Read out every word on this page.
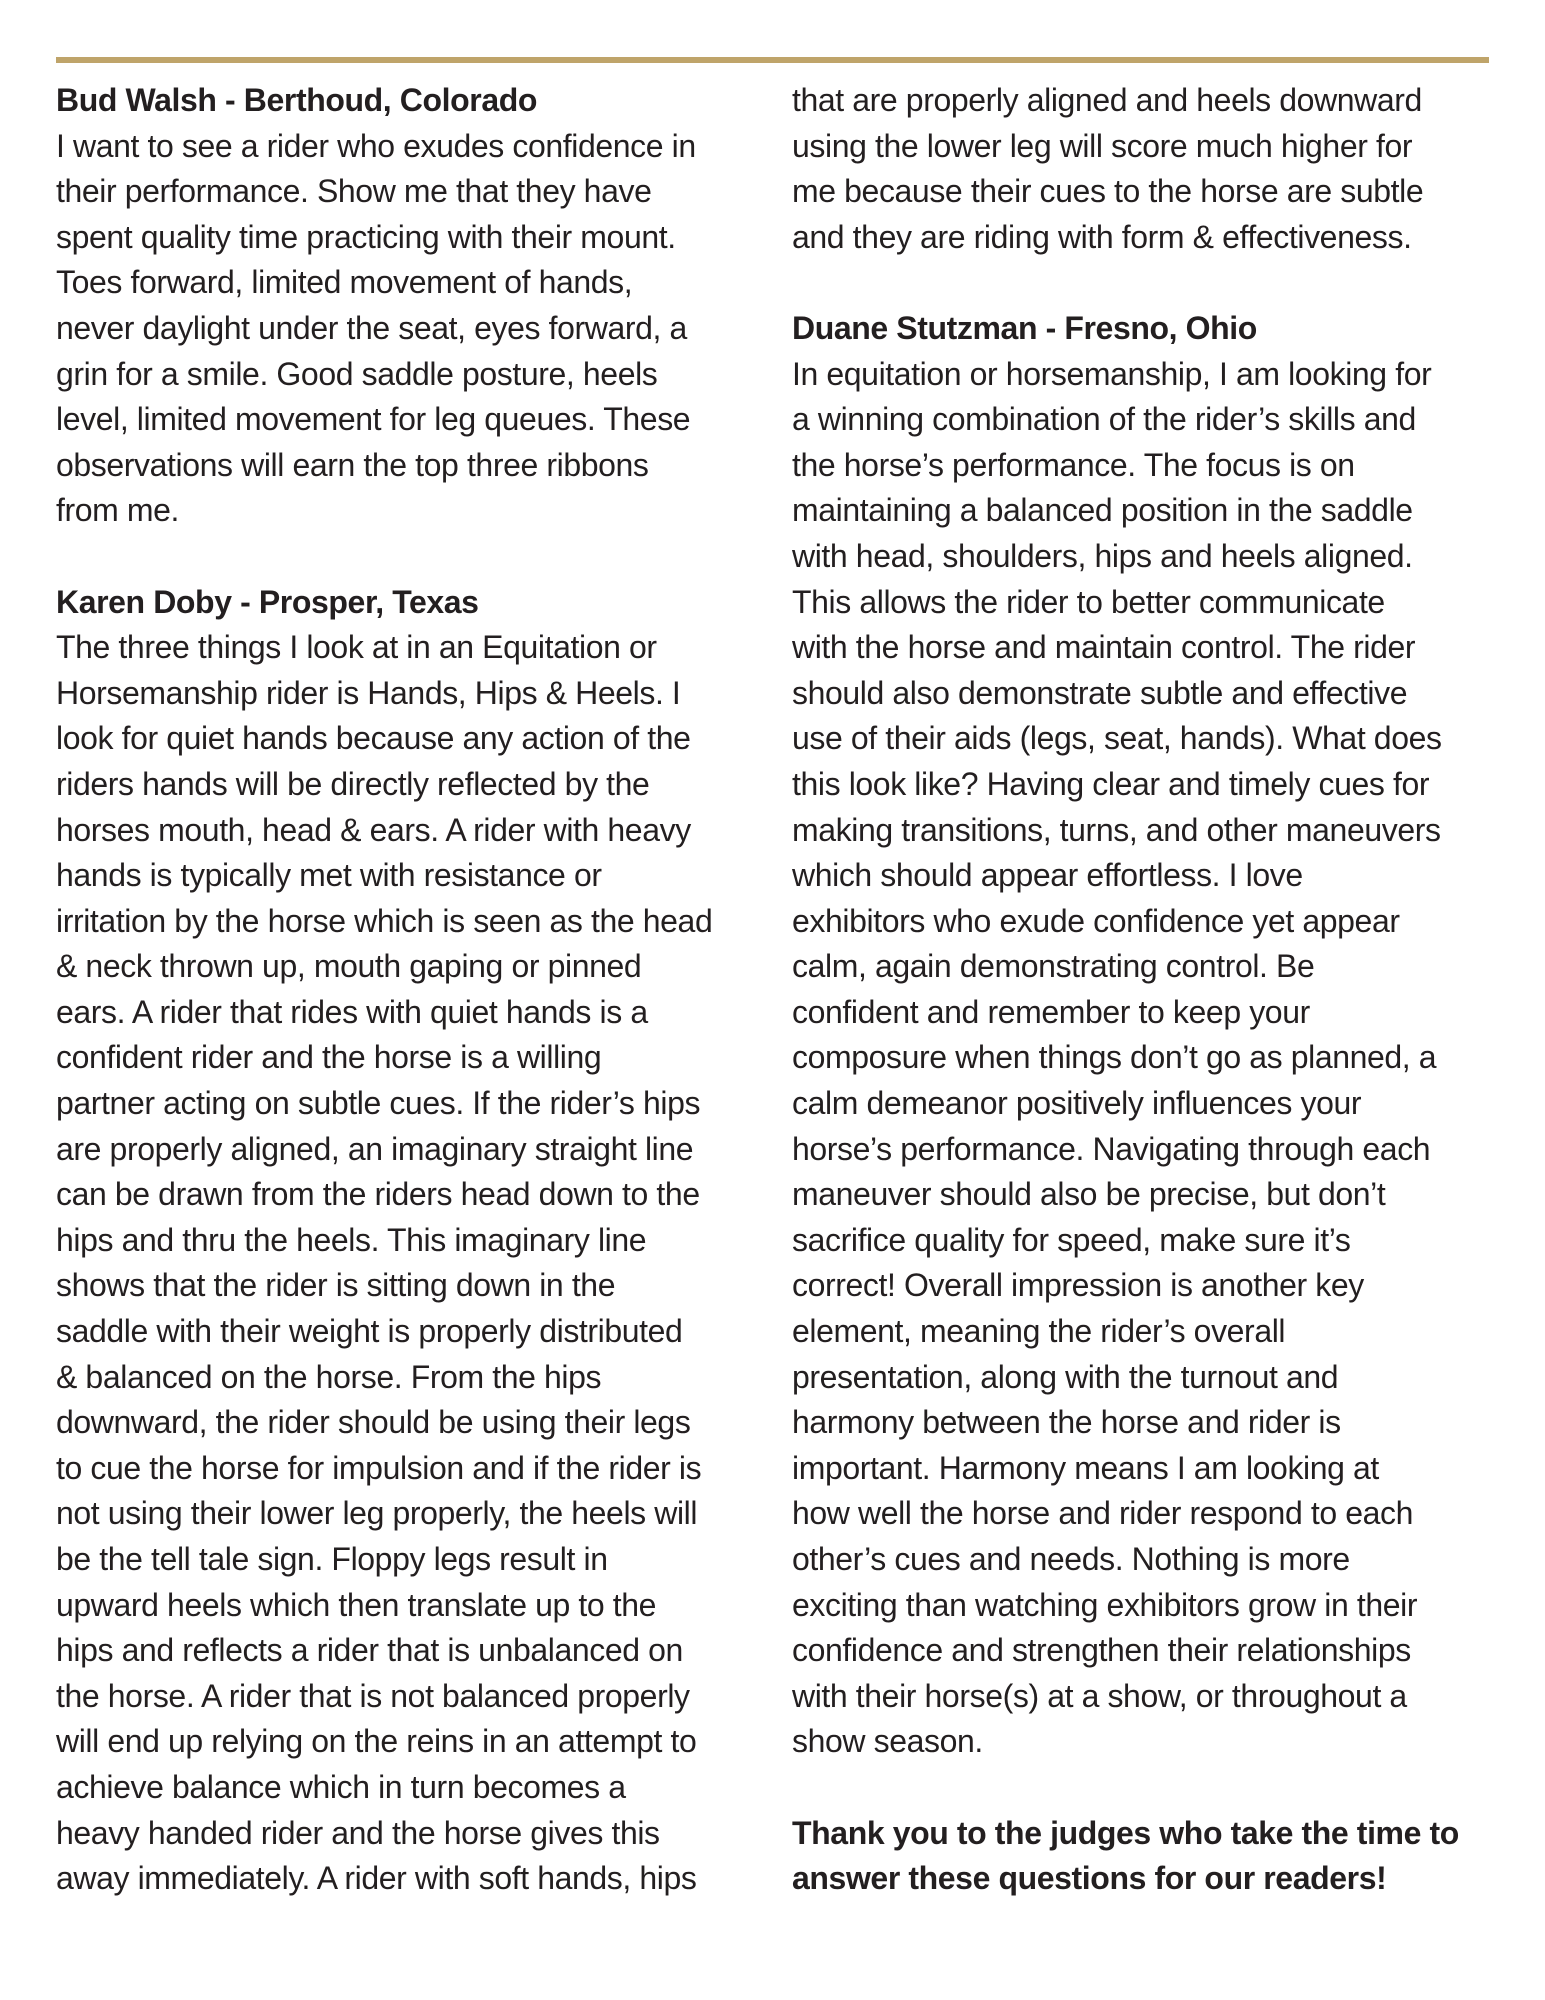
Bud Walsh - Berthoud, Colorado

I want to see a rider who exudes confidence in
their performance. Show me that they have
spent quality time practicing with their mount.
Toes forward, limited movement of hands,
never daylight under the seat, eyes forward, a
grin for a smile. Good saddle posture, heels
level, limited movement for leg queues. These
observations will earn the top three ribbons
from me.

Karen Doby - Prosper, Texas

The three things I look at in an Equitation or
Horsemanship rider is Hands, Hips & Heels. I
look for quiet hands because any action of the
riders hands will be directly reflected by the
horses mouth, head & ears. A rider with heavy
hands is typically met with resistance or
irritation by the horse which is seen as the head
& neck thrown up, mouth gaping or pinned
ears. A rider that rides with quiet hands is a
confident rider and the horse is a willing
partner acting on subtle cues. If the rider’s hips
are properly aligned, an imaginary straight line
can be drawn from the riders head down to the
hips and thru the heels. This imaginary line
shows that the rider is sitting down in the
saddle with their weight is properly distributed
& balanced on the horse. From the hips
downward, the rider should be using their legs
to cue the horse for impulsion and if the rider is
not using their lower leg properly, the heels will
be the tell tale sign. Floppy legs result in
upward heels which then translate up to the
hips and reflects a rider that is unbalanced on
the horse. A rider that is not balanced properly
will end up relying on the reins in an attempt to
achieve balance which in turn becomes a
heavy handed rider and the horse gives this
away immediately. A rider with soft hands, hips

that are properly aligned and heels downward
using the lower leg will score much higher for
me because their cues to the horse are subtle
and they are riding with form & effectiveness.

Duane Stutzman - Fresno, Ohio

In equitation or horsemanship, I am looking for
a winning combination of the rider’s skills and
the horse’s performance. The focus is on
maintaining a balanced position in the saddle
with head, shoulders, hips and heels aligned.
This allows the rider to better communicate
with the horse and maintain control. The rider
should also demonstrate subtle and effective
use of their aids (legs, seat, hands). What does
this look like? Having clear and timely cues for
making transitions, turns, and other maneuvers
which should appear effortless. I love
exhibitors who exude confidence yet appear
calm, again demonstrating control. Be
confident and remember to keep your
composure when things don’t go as planned, a
calm demeanor positively influences your
horse’s performance. Navigating through each
maneuver should also be precise, but don’t
sacrifice quality for speed, make sure it’s
correct! Overall impression is another key
element, meaning the rider’s overall
presentation, along with the turnout and
harmony between the horse and rider is
important. Harmony means I am looking at
how well the horse and rider respond to each
other’s cues and needs. Nothing is more
exciting than watching exhibitors grow in their
confidence and strengthen their relationships
with their horse(s) at a show, or throughout a
show season.

Thank you to the judges who take the time to
answer these questions for our readers!
